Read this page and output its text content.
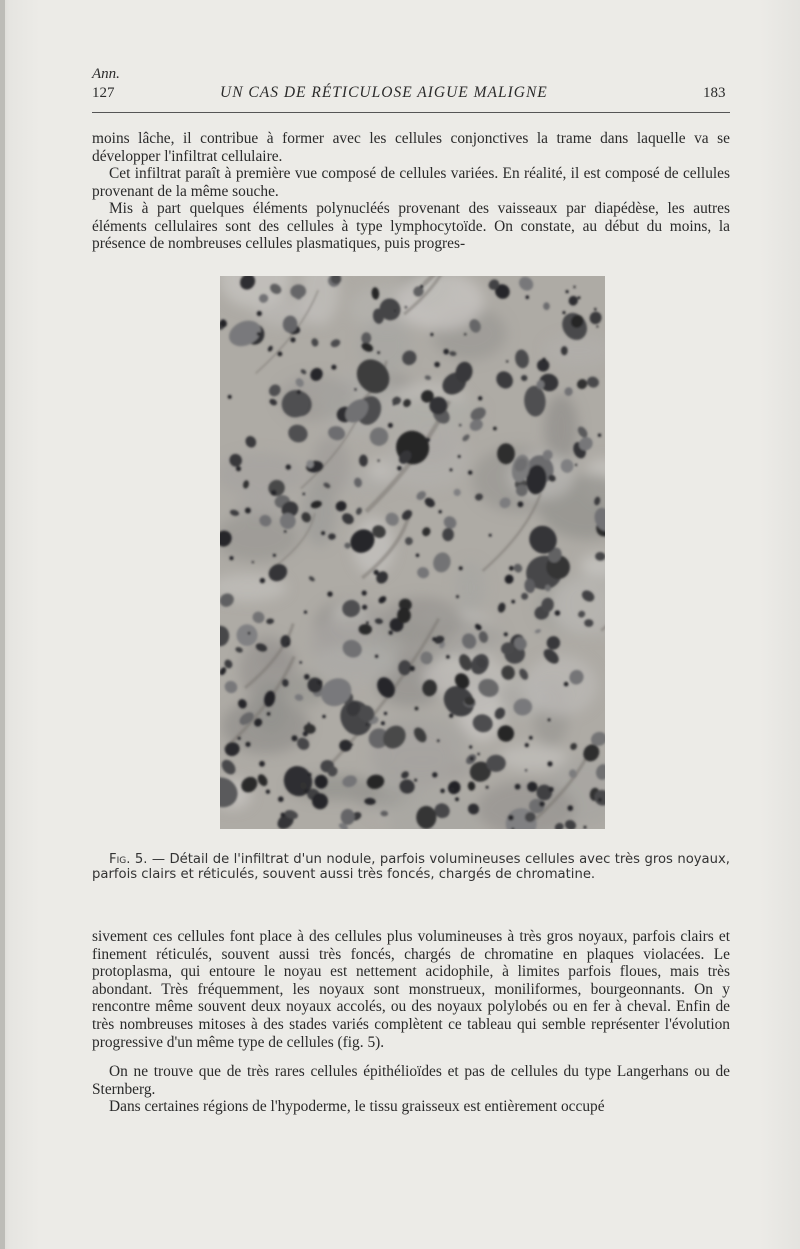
Ann.
127	UN CAS DE RÉTICULOSE AIGUE MALIGNE	183

moins lâche, il contribue à former avec les cellules conjonctives la trame dans laquelle va se développer l'infiltrat cellulaire.

Cet infiltrat paraît à première vue composé de cellules variées. En réalité, il est composé de cellules provenant de la même souche.

Mis à part quelques éléments polynucléés provenant des vaisseaux par diapédèse, les autres éléments cellulaires sont des cellules à type lymphocytoïde. On constate, au début du moins, la présence de nombreuses cellules plasmatiques, puis progres-

Fig. 5. — Détail de l'infiltrat d'un nodule, parfois volumineuses cellules avec très gros noyaux, parfois clairs et réticulés, souvent aussi très foncés, chargés de chromatine.

sivement ces cellules font place à des cellules plus volumineuses à très gros noyaux, parfois clairs et finement réticulés, souvent aussi très foncés, chargés de chromatine en plaques violacées. Le protoplasma, qui entoure le noyau est nettement acidophile, à limites parfois floues, mais très abondant. Très fréquemment, les noyaux sont monstrueux, moniliformes, bourgeonnants. On y rencontre même souvent deux noyaux accolés, ou des noyaux polylobés ou en fer à cheval. Enfin de très nombreuses mitoses à des stades variés complètent ce tableau qui semble représenter l'évolution progressive d'un même type de cellules (fig. 5).

On ne trouve que de très rares cellules épithélioïdes et pas de cellules du type Langerhans ou de Sternberg.

Dans certaines régions de l'hypoderme, le tissu graisseux est entièrement occupé
